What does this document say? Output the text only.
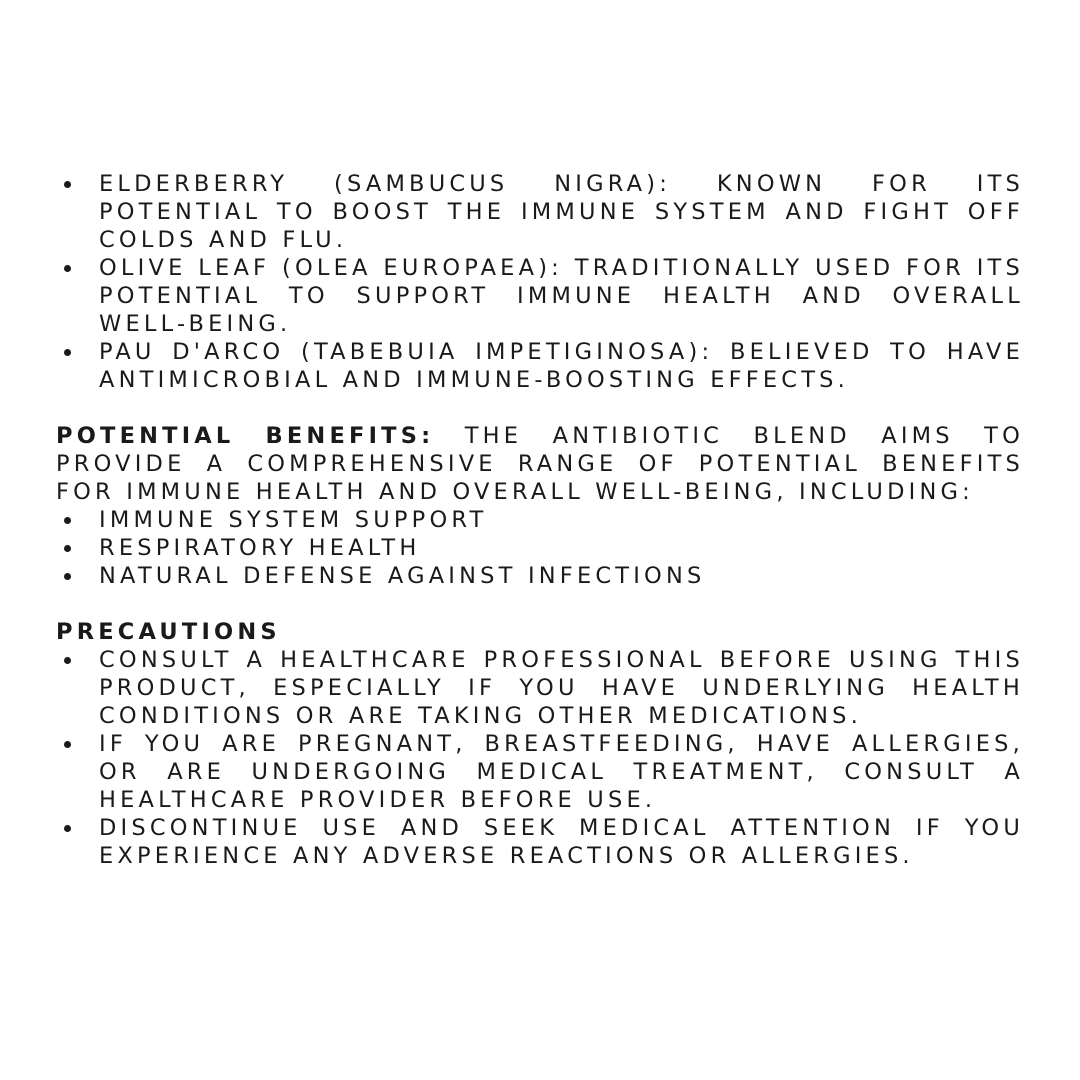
ELDERBERRY (SAMBUCUS NIGRA): KNOWN FOR ITS POTENTIAL TO BOOST THE IMMUNE SYSTEM AND FIGHT OFF COLDS AND FLU.
OLIVE LEAF (OLEA EUROPAEA): TRADITIONALLY USED FOR ITS POTENTIAL TO SUPPORT IMMUNE HEALTH AND OVERALL WELL-BEING.
PAU D'ARCO (TABEBUIA IMPETIGINOSA): BELIEVED TO HAVE ANTIMICROBIAL AND IMMUNE-BOOSTING EFFECTS.

POTENTIAL BENEFITS: THE ANTIBIOTIC BLEND AIMS TO PROVIDE A COMPREHENSIVE RANGE OF POTENTIAL BENEFITS FOR IMMUNE HEALTH AND OVERALL WELL-BEING, INCLUDING:

IMMUNE SYSTEM SUPPORT
RESPIRATORY HEALTH
NATURAL DEFENSE AGAINST INFECTIONS

PRECAUTIONS

CONSULT A HEALTHCARE PROFESSIONAL BEFORE USING THIS PRODUCT, ESPECIALLY IF YOU HAVE UNDERLYING HEALTH CONDITIONS OR ARE TAKING OTHER MEDICATIONS.
IF YOU ARE PREGNANT, BREASTFEEDING, HAVE ALLERGIES, OR ARE UNDERGOING MEDICAL TREATMENT, CONSULT A HEALTHCARE PROVIDER BEFORE USE.
DISCONTINUE USE AND SEEK MEDICAL ATTENTION IF YOU EXPERIENCE ANY ADVERSE REACTIONS OR ALLERGIES.
